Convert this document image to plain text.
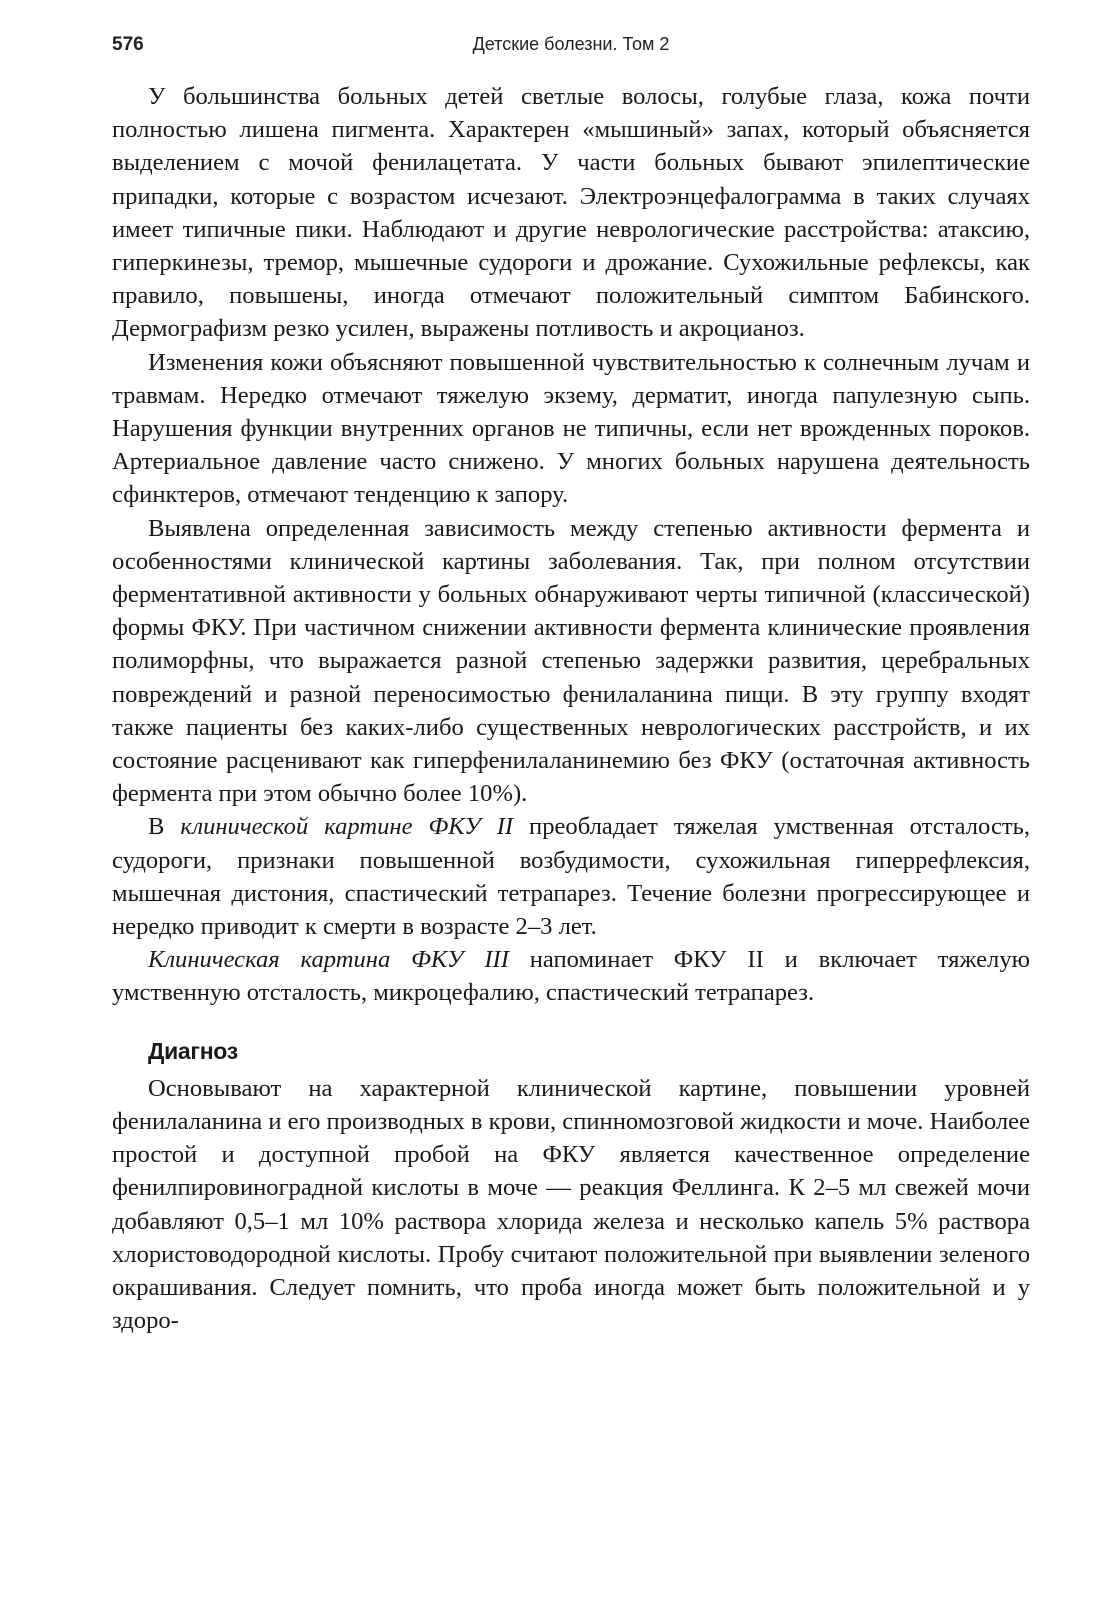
576	Детские болезни. Том 2

У большинства больных детей светлые волосы, голубые глаза, кожа почти полностью лишена пигмента. Характерен «мышиный» запах, который объясняется выделением с мочой фенилацетата. У части больных бывают эпилептические припадки, которые с возрастом исчезают. Электроэнцефалограмма в таких случаях имеет типичные пики. Наблюдают и другие неврологические расстройства: атаксию, гиперкинезы, тремор, мышечные судороги и дрожание. Сухожильные рефлексы, как правило, повышены, иногда отмечают положительный симптом Бабинского. Дермографизм резко усилен, выражены потливость и акроцианоз.

Изменения кожи объясняют повышенной чувствительностью к солнечным лучам и травмам. Нередко отмечают тяжелую экзему, дерматит, иногда папулезную сыпь. Нарушения функции внутренних органов не типичны, если нет врожденных пороков. Артериальное давление часто снижено. У многих больных нарушена деятельность сфинктеров, отмечают тенденцию к запору.

Выявлена определенная зависимость между степенью активности фермента и особенностями клинической картины заболевания. Так, при полном отсутствии ферментативной активности у больных обнаруживают черты типичной (классической) формы ФКУ. При частичном снижении активности фермента клинические проявления полиморфны, что выражается разной степенью задержки развития, церебральных повреждений и разной переносимостью фенилаланина пищи. В эту группу входят также пациенты без каких-либо существенных неврологических расстройств, и их состояние расценивают как гиперфенилаланинемию без ФКУ (остаточная активность фермента при этом обычно более 10%).

В клинической картине ФКУ II преобладает тяжелая умственная отсталость, судороги, признаки повышенной возбудимости, сухожильная гиперрефлексия, мышечная дистония, спастический тетрапарез. Течение болезни прогрессирующее и нередко приводит к смерти в возрасте 2–3 лет.

Клиническая картина ФКУ III напоминает ФКУ II и включает тяжелую умственную отсталость, микроцефалию, спастический тетрапарез.

Диагноз

Основывают на характерной клинической картине, повышении уровней фенилаланина и его производных в крови, спинномозговой жидкости и моче. Наиболее простой и доступной пробой на ФКУ является качественное определение фенилпировиноградной кислоты в моче — реакция Феллинга. К 2–5 мл свежей мочи добавляют 0,5–1 мл 10% раствора хлорида железа и несколько капель 5% раствора хлористоводородной кислоты. Пробу считают положительной при выявлении зеленого окрашивания. Следует помнить, что проба иногда может быть положительной и у здоро-
